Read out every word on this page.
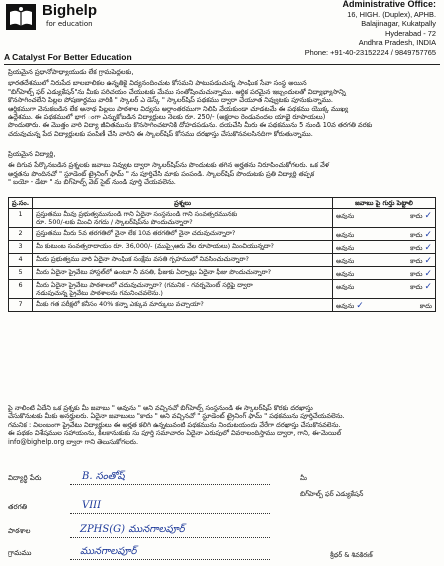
Bighelp
for education
A Catalyst For Better Education
Administrative Office:
16, HIGH. (Duplex), APHB.
Balajinagar, Kukatpally
Hyderabad - 72
Andhra Pradesh, INDIA
Phone: +91-40-23152224 / 9849757765
ప్రియమైన ప్రధానోపాధ్యాయుడు లేక గ్రామపెద్దలకు,
భారతదేశములో నిరుపేద బాలబాలికల ఉన్నతికై విద్యనందించుట కోసమని పాటుపడుచున్న సాంఘిక సేవా సంస్థ అయిన
"బిగ్‌హెల్ప్ ఫర్ ఎడ్యుకేషన్"ను మీకు పరిచయం చేయుటకు మేము సంతోషించుచున్నాము. ఆర్థిక పరమైన ఇబ్బందులతో విద్యాభ్యాసాన్ని
కొనసాగించలేని పిల్లల పోషణార్థము వారికి " స్కాలర్ ఎ డెస్క్ " స్కాలర్‌షిప్ పథకము ద్వారా చేయూత నివ్వుటకు పూనుకున్నాము.
ఆర్థికముగా వెనుకబడిన లేక అనాథ పిల్లలు పాఠశాల విద్యను అర్థాంతరముగా నిలిపి వేయకుండా చూడటమే ఈ పథకము యొక్క ముఖ్య
ఉద్దేశము. ఈ పథకములో భాగ ంగా ఎన్నుకోబడిన విద్యార్థులు నెలకు రూ. 250/- (అక్షరాల రెండువందల యాభై రూపాయలు)
పొందుతారు. ఈ మొత్తం వారి విద్యా జీవితమును కొనసాగించటానికి దోహదపడును. దయచేసి మీరు ఈ పథకమును 5 నుండి 10వ తరగతి వరకు
చదువుచున్న పేద విద్యార్థులకు పంపిణీ చేసి వారిని ఈ స్కాలర్‌షిప్ కోసము దరఖాస్తు చేసుకొనవలసినదిగా కోరుతున్నాము.
ప్రియమైన విద్యార్థి,
ఈ దిగువ పేర్కొనబడిన ప్రశ్నలకు జవాబు నివ్వుట ద్వారా స్కాలర్‌షిప్‌ను పొందుటకు తగిన అర్హతను నిరూపించుకోగలరు. ఒక వేళ
అర్హతను పొందినచో " స్టూడెంట్ ట్రైనింగ్ ఫామ్ " ను పూర్తిచేసి మాకు పంపండి. స్కాలర్‌షిప్ పొందుటకు ప్రతి విద్యార్థి తప్పక
" బయో - డేటా " ను బిగ్‌హెల్ప్ వెబ్ సైట్ నుండి పూర్తి చేయవలెను.
ప్ర.సం.	ప్రశ్నలు	జవాబు పై గుర్తు పెట్టాలి
1	ప్రస్తుతము మీవు ప్రభుత్వమునుండి గాని ఏదైనా సంస్థనుండి గాని సంవత్సరమునకు
రూ. 500/-లకు మించి నగదు / స్కాలర్‌షిప్‌ను పొందుచున్నారా?	అవును కాదు ✓

2	ప్రస్తుతము మీరు 5వ తరగతిలో నైనా లేక 10వ తరగతిలో నైనా చదువుచున్నారా?	అవును కాదు ✓

3	మీ కుటుంబ సంవత్సరాదాయం రూ. 36,000/- (ముప్పైఆరు వేల రూపాయలు) మించియున్నదా?	అవును కాదు ✓

4	మీరు ప్రభుత్వము వారి ఏదైనా సాంఘిక సంక్షేమ వసతి గృహములో నివసించుచున్నారా?	అవును కాదు ✓

5	మీరు ఏదైనా ప్రైవేటు హాస్టల్‌లో ఉంటూ నీ వసతి, ఫీజుకు ఏర్పాట్లు ఏదైనా ఫీజు పొందుచున్నారా?	అవును కాదు ✓

6	మీరు ఏదైనా ప్రైవేటు పాఠశాలలో చదువుచున్నారా? (గమనిక - గవర్నమెంట్ సర్టిఫై ద్వారా
నడుపుచున్న ప్రైవేటు పాఠశాలను గమనించవలెను.)	అవును కాదు ✓

7	మీకు గత పరీక్షలో కనీసం 40% కన్నా ఎక్కువ మార్కులు వచ్చాయా?	అవును ✓ కాదు
పై నాలింటి ఏదేని ఒక ప్రశ్నకు మీ జవాబు " అవును " అని వచ్చినచో బిగ్‌హెల్ప్ సంస్థనుండి ఈ స్కాలర్‌షిప్ కొరకు దరఖాస్తు
చేసుకొనుటకు మీకు అనర్హులరు. ఏదైనా జవాబులు "కాదు " అని వచ్చినచో " స్టూడెంట్ ట్రైనింగ్ ఫామ్ " పథకమును పూర్తిచేయవలెను.
గమనిక : విలంబంగా ప్రైవేటు విద్యార్థులు ఈ అర్హత కలిగి ఉన్నటువంటి పథకమును నిందుటయందు వేరేగా దరఖాస్తు చేసుకొనవలెను.
ఈ పథకం విశేషముల సహాయంను, కీలకానుకుకు సు పూర్తి సమాచారం ఏదైనా ఎరుపులో వివరాలందిస్తాము ద్వారా, గాని, ఈ-మెయిల్
info@bighelp.org ద్వారా గాని తెలుసుకోగలరు.
విద్యార్థి పేరు	B. సంతోష్	మీ
బిగ్‌హెల్ప్ ఫర్ ఎడ్యుకేషన్
తరగతి	VIII
పాఠశాల	ZPHS(G) మునగాలపూర్
గ్రామము	మునగాలపూర్	శ్రీధర్ & శివకిరణ్
